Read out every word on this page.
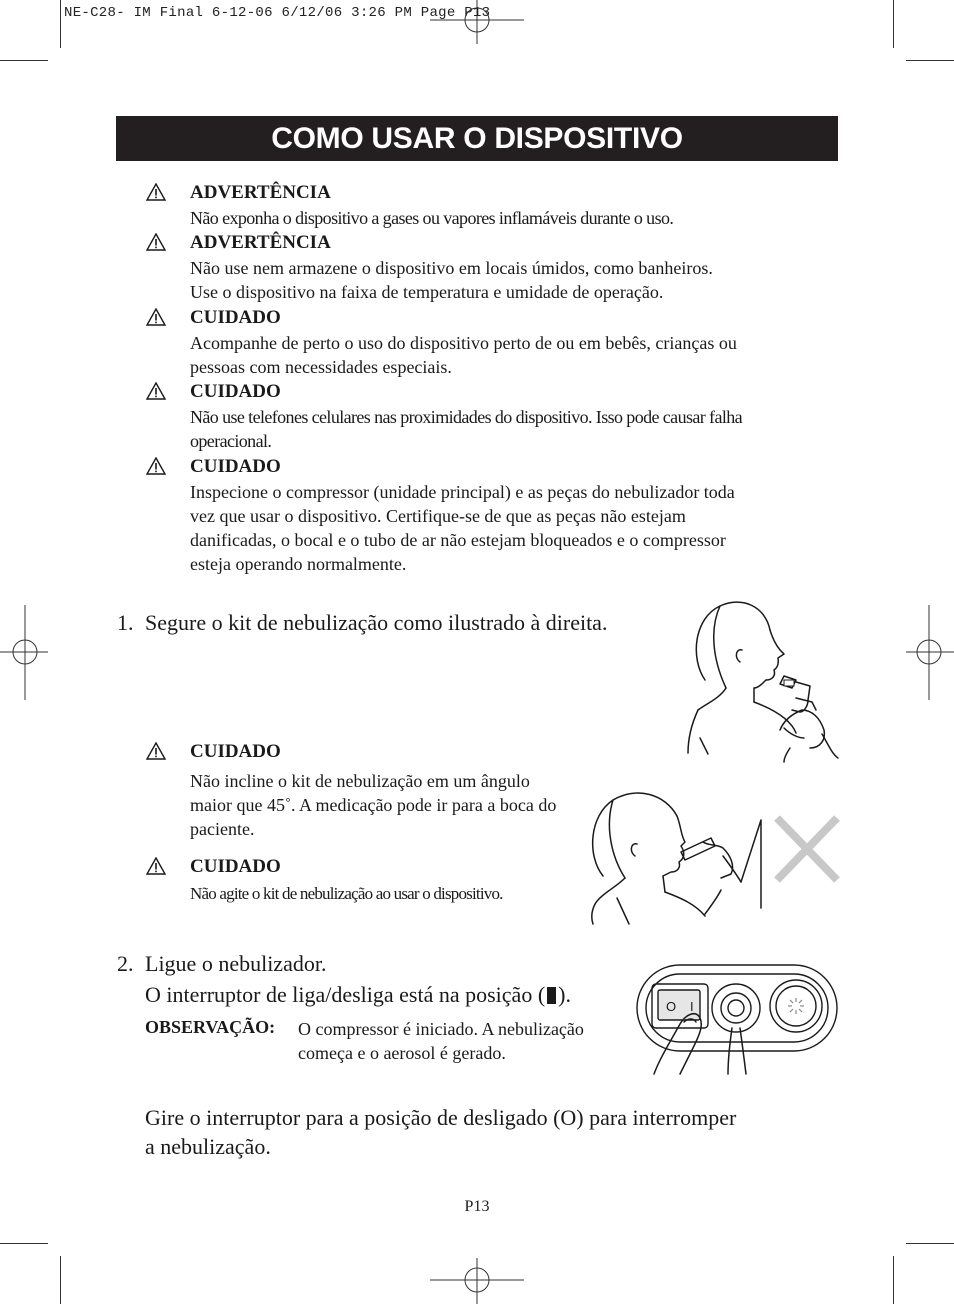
NE-C28- IM Final 6-12-06 6/12/06 3:26 PM Page P13
COMO USAR O DISPOSITIVO
ADVERTÊNCIA
Não exponha o dispositivo a gases ou vapores inflamáveis durante o uso.
ADVERTÊNCIA
Não use nem armazene o dispositivo em locais úmidos, como banheiros.
Use o dispositivo na faixa de temperatura e umidade de operação.
CUIDADO
Acompanhe de perto o uso do dispositivo perto de ou em bebês, crianças ou
pessoas com necessidades especiais.
CUIDADO
Não use telefones celulares nas proximidades do dispositivo. Isso pode causar falha
operacional.
CUIDADO
Inspecione o compressor (unidade principal) e as peças do nebulizador toda
vez que usar o dispositivo. Certifique-se de que as peças não estejam
danificadas, o bocal e o tubo de ar não estejam bloqueados e o compressor
esteja operando normalmente.
1. Segure o kit de nebulização como ilustrado à direita.
CUIDADO
Não incline o kit de nebulização em um ângulo
maior que 45˚. A medicação pode ir para a boca do
paciente.
CUIDADO
Não agite o kit de nebulização ao usar o dispositivo.
2. Ligue o nebulizador.
O interruptor de liga/desliga está na posição ( ).
OBSERVAÇÃO: O compressor é iniciado. A nebulização
começa e o aerosol é gerado.
O I
Gire o interruptor para a posição de desligado (O) para interromper
a nebulização.
P13
